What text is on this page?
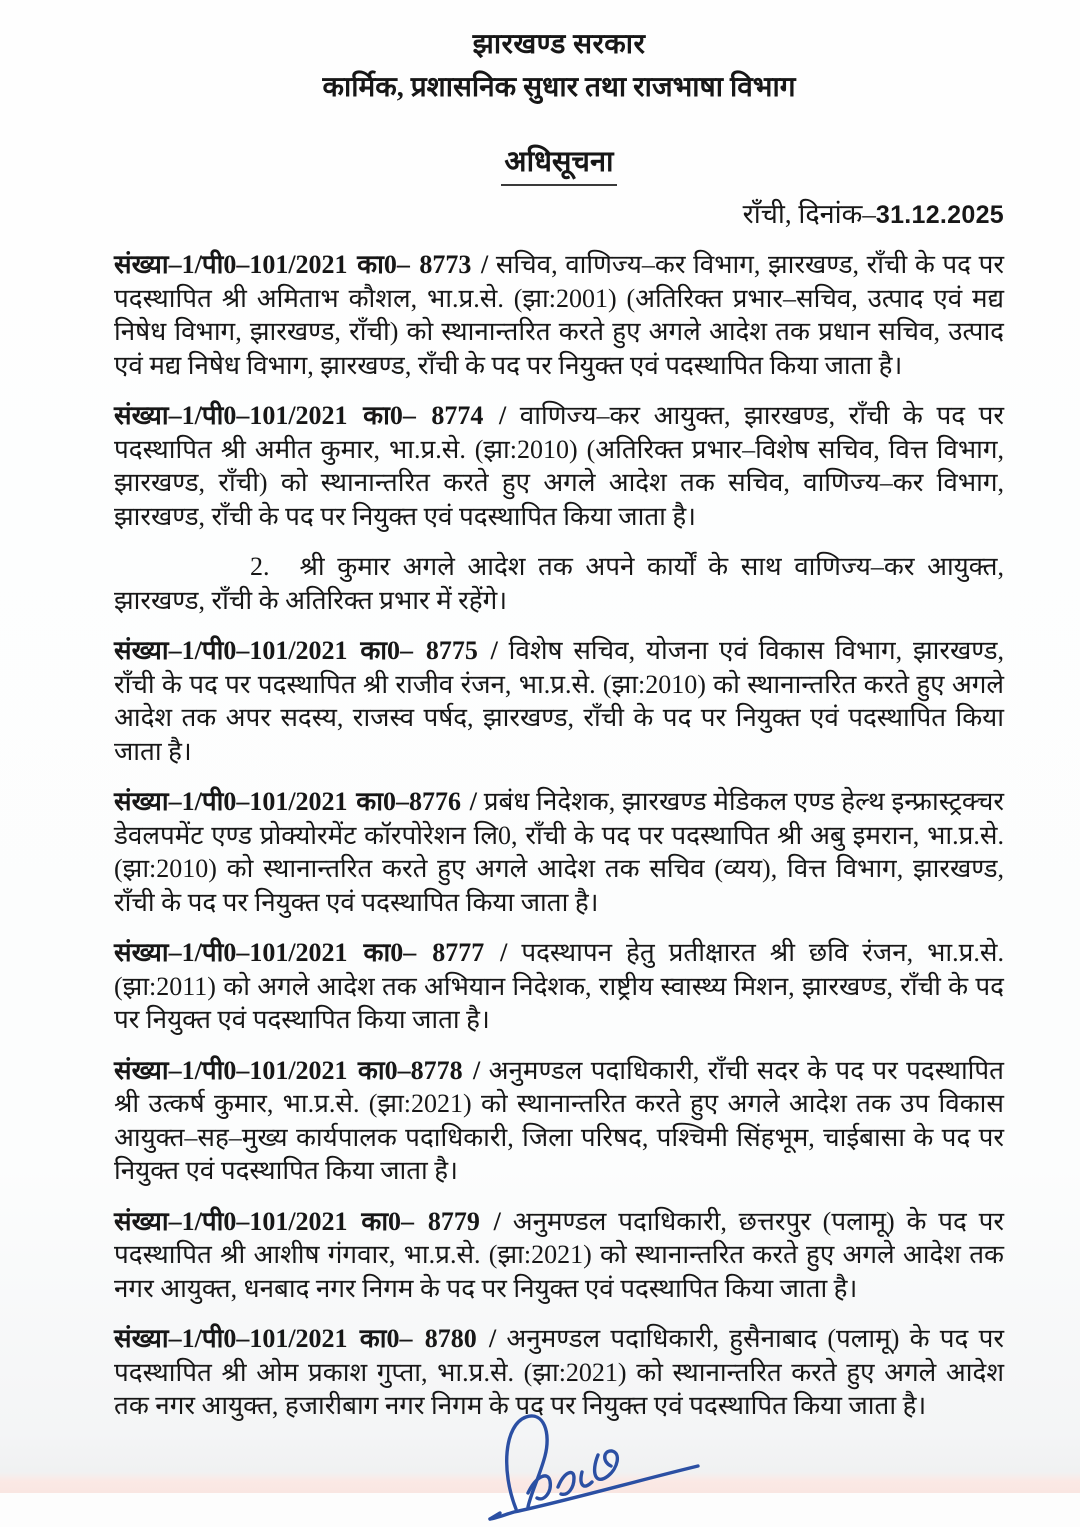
झारखण्ड सरकार
कार्मिक, प्रशासनिक सुधार तथा राजभाषा विभाग
अधिसूचना
राँची, दिनांक–31.12.2025

संख्या–1/पी0–101/2021 का0– 8773 / सचिव, वाणिज्य–कर विभाग, झारखण्ड, राँची के पद पर पदस्थापित श्री अमिताभ कौशल, भा.प्र.से. (झा:2001) (अतिरिक्त प्रभार–सचिव, उत्पाद एवं मद्य निषेध विभाग, झारखण्ड, राँची) को स्थानान्तरित करते हुए अगले आदेश तक प्रधान सचिव, उत्पाद एवं मद्य निषेध विभाग, झारखण्ड, राँची के पद पर नियुक्त एवं पदस्थापित किया जाता है।

संख्या–1/पी0–101/2021 का0– 8774 / वाणिज्य–कर आयुक्त, झारखण्ड, राँची के पद पर पदस्थापित श्री अमीत कुमार, भा.प्र.से. (झा:2010) (अतिरिक्त प्रभार–विशेष सचिव, वित्त विभाग, झारखण्ड, राँची) को स्थानान्तरित करते हुए अगले आदेश तक सचिव, वाणिज्य–कर विभाग, झारखण्ड, राँची के पद पर नियुक्त एवं पदस्थापित किया जाता है।

2. श्री कुमार अगले आदेश तक अपने कार्यों के साथ वाणिज्य–कर आयुक्त, झारखण्ड, राँची के अतिरिक्त प्रभार में रहेंगे।

संख्या–1/पी0–101/2021 का0– 8775 / विशेष सचिव, योजना एवं विकास विभाग, झारखण्ड, राँची के पद पर पदस्थापित श्री राजीव रंजन, भा.प्र.से. (झा:2010) को स्थानान्तरित करते हुए अगले आदेश तक अपर सदस्य, राजस्व पर्षद, झारखण्ड, राँची के पद पर नियुक्त एवं पदस्थापित किया जाता है।

संख्या–1/पी0–101/2021 का0–8776 / प्रबंध निदेशक, झारखण्ड मेडिकल एण्ड हेल्थ इन्फ्रास्ट्रक्चर डेवलपमेंट एण्ड प्रोक्योरमेंट कॉरपोरेशन लि0, राँची के पद पर पदस्थापित श्री अबु इमरान, भा.प्र.से. (झा:2010) को स्थानान्तरित करते हुए अगले आदेश तक सचिव (व्यय), वित्त विभाग, झारखण्ड, राँची के पद पर नियुक्त एवं पदस्थापित किया जाता है।

संख्या–1/पी0–101/2021 का0– 8777 / पदस्थापन हेतु प्रतीक्षारत श्री छवि रंजन, भा.प्र.से. (झा:2011) को अगले आदेश तक अभियान निदेशक, राष्ट्रीय स्वास्थ्य मिशन, झारखण्ड, राँची के पद पर नियुक्त एवं पदस्थापित किया जाता है।

संख्या–1/पी0–101/2021 का0–8778 / अनुमण्डल पदाधिकारी, राँची सदर के पद पर पदस्थापित श्री उत्कर्ष कुमार, भा.प्र.से. (झा:2021) को स्थानान्तरित करते हुए अगले आदेश तक उप विकास आयुक्त–सह–मुख्य कार्यपालक पदाधिकारी, जिला परिषद, पश्चिमी सिंहभूम, चाईबासा के पद पर नियुक्त एवं पदस्थापित किया जाता है।

संख्या–1/पी0–101/2021 का0– 8779 / अनुमण्डल पदाधिकारी, छत्तरपुर (पलामू) के पद पर पदस्थापित श्री आशीष गंगवार, भा.प्र.से. (झा:2021) को स्थानान्तरित करते हुए अगले आदेश तक नगर आयुक्त, धनबाद नगर निगम के पद पर नियुक्त एवं पदस्थापित किया जाता है।

संख्या–1/पी0–101/2021 का0– 8780 / अनुमण्डल पदाधिकारी, हुसैनाबाद (पलामू) के पद पर पदस्थापित श्री ओम प्रकाश गुप्ता, भा.प्र.से. (झा:2021) को स्थानान्तरित करते हुए अगले आदेश तक नगर आयुक्त, हजारीबाग नगर निगम के पद पर नियुक्त एवं पदस्थापित किया जाता है।
